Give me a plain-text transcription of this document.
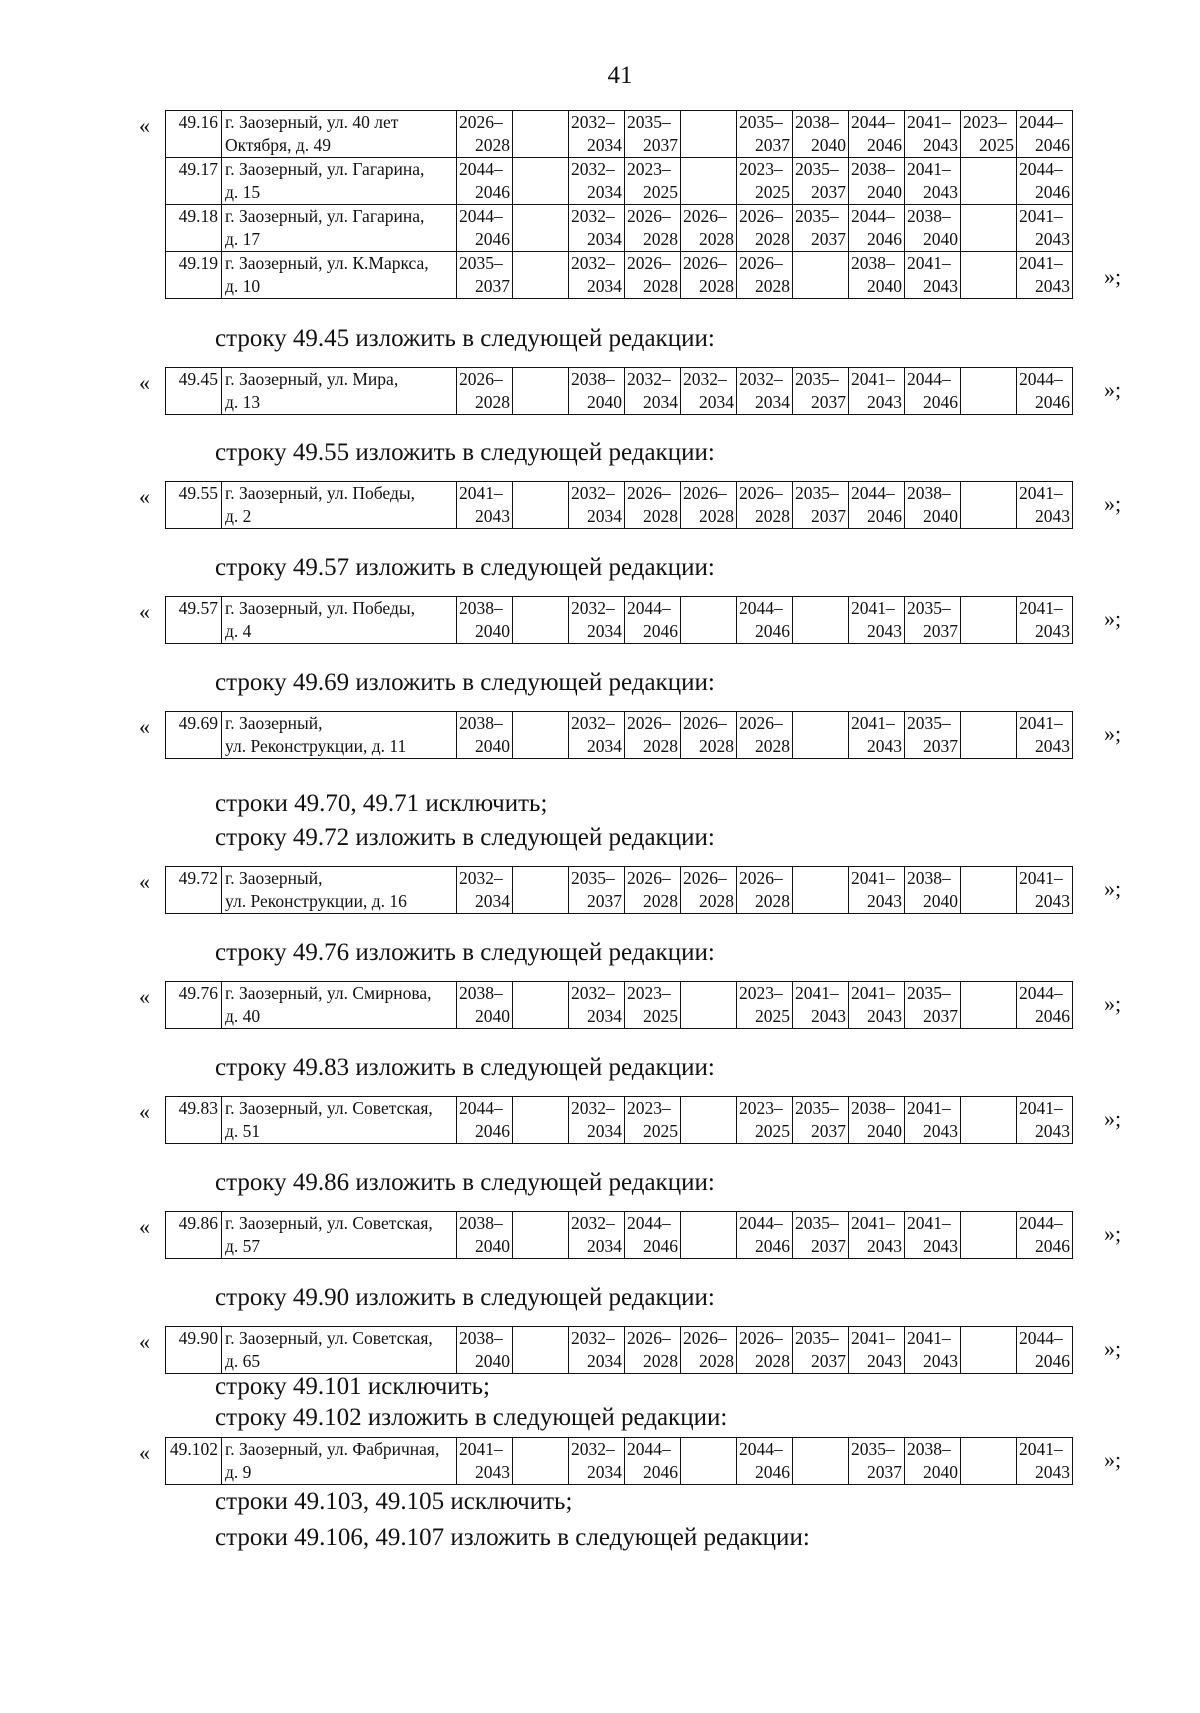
41
« 49.16	г. Заозерный, ул. 40 лет	2026–		2032–	2035–		2035–	2038–	2044–	2041–	2023–	2044–
	Октября, д. 49	2028		2034	2037		2037	2040	2046	2043	2025	2046
49.17	г. Заозерный, ул. Гагарина,	2044–		2032–	2023–		2023–	2035–	2038–	2041–		2044–
	д. 15	2046		2034	2025		2025	2037	2040	2043		2046
49.18	г. Заозерный, ул. Гагарина,	2044–		2032–	2026–	2026–	2026–	2035–	2044–	2038–		2041–
	д. 17	2046		2034	2028	2028	2028	2037	2046	2040		2043
49.19	г. Заозерный, ул. К.Маркса,	2035–		2032–	2026–	2026–	2026–		2038–	2041–		2041–
	д. 10	2037		2034	2028	2028	2028		2040	2043		2043 »;
строку 49.45 изложить в следующей редакции:
« 49.45	г. Заозерный, ул. Мира,	2026–		2038–	2032–	2032–	2032–	2035–	2041–	2044–		2044–
	д. 13	2028		2040	2034	2034	2034	2037	2043	2046		2046 »;
строку 49.55 изложить в следующей редакции:
« 49.55	г. Заозерный, ул. Победы,	2041–		2032–	2026–	2026–	2026–	2035–	2044–	2038–		2041–
	д. 2	2043		2034	2028	2028	2028	2037	2046	2040		2043 »;
строку 49.57 изложить в следующей редакции:
« 49.57	г. Заозерный, ул. Победы,	2038–		2032–	2044–		2044–		2041–	2035–		2041–
	д. 4	2040		2034	2046		2046		2043	2037		2043 »;
строку 49.69 изложить в следующей редакции:
« 49.69	г. Заозерный,	2038–		2032–	2026–	2026–	2026–		2041–	2035–		2041–
	ул. Реконструкции, д. 11	2040		2034	2028	2028	2028		2043	2037		2043 »;
строки 49.70, 49.71 исключить;
строку 49.72 изложить в следующей редакции:
« 49.72	г. Заозерный,	2032–		2035–	2026–	2026–	2026–		2041–	2038–		2041–
	ул. Реконструкции, д. 16	2034		2037	2028	2028	2028		2043	2040		2043 »;
строку 49.76 изложить в следующей редакции:
« 49.76	г. Заозерный, ул. Смирнова,	2038–		2032–	2023–		2023–	2041–	2041–	2035–		2044–
	д. 40	2040		2034	2025		2025	2043	2043	2037		2046 »;
строку 49.83 изложить в следующей редакции:
« 49.83	г. Заозерный, ул. Советская,	2044–		2032–	2023–		2023–	2035–	2038–	2041–		2041–
	д. 51	2046		2034	2025		2025	2037	2040	2043		2043 »;
строку 49.86 изложить в следующей редакции:
« 49.86	г. Заозерный, ул. Советская,	2038–		2032–	2044–		2044–	2035–	2041–	2041–		2044–
	д. 57	2040		2034	2046		2046	2037	2043	2043		2046 »;
строку 49.90 изложить в следующей редакции:
« 49.90	г. Заозерный, ул. Советская,	2038–		2032–	2026–	2026–	2026–	2035–	2041–	2041–		2044–
	д. 65	2040		2034	2028	2028	2028	2037	2043	2043		2046 »;
строку 49.101 исключить;
строку 49.102 изложить в следующей редакции:
« 49.102	г. Заозерный, ул. Фабричная,	2041–		2032–	2044–		2044–		2035–	2038–		2041–
	д. 9	2043		2034	2046		2046		2037	2040		2043 »;
строки 49.103, 49.105 исключить;
строки 49.106, 49.107 изложить в следующей редакции:
